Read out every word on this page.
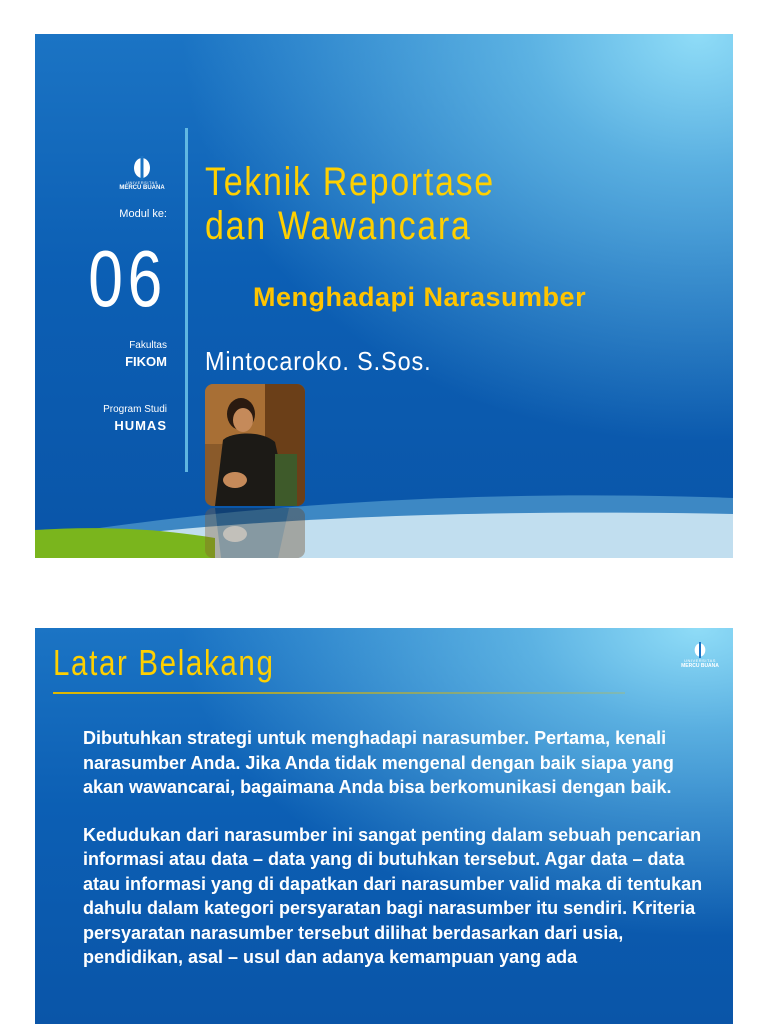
UNIVERSITAS
MERCU BUANA
Modul ke:
06
Fakultas
FIKOM
Program Studi
HUMAS
Teknik Reportase
dan Wawancara
Menghadapi Narasumber
Mintocaroko. S.Sos.
Latar Belakang	UNIVERSITAS
MERCU BUANA

Dibutuhkan strategi untuk menghadapi narasumber. Pertama, kenali narasumber Anda. Jika Anda tidak mengenal dengan baik siapa yang akan wawancarai, bagaimana Anda bisa berkomunikasi dengan baik.

Kedudukan dari narasumber ini sangat penting dalam sebuah pencarian informasi atau data – data yang di butuhkan tersebut. Agar data – data atau informasi yang di dapatkan dari narasumber valid maka di tentukan dahulu dalam kategori persyaratan bagi narasumber itu sendiri. Kriteria persyaratan narasumber tersebut dilihat berdasarkan dari usia, pendidikan, asal – usul dan adanya kemampuan yang ada
